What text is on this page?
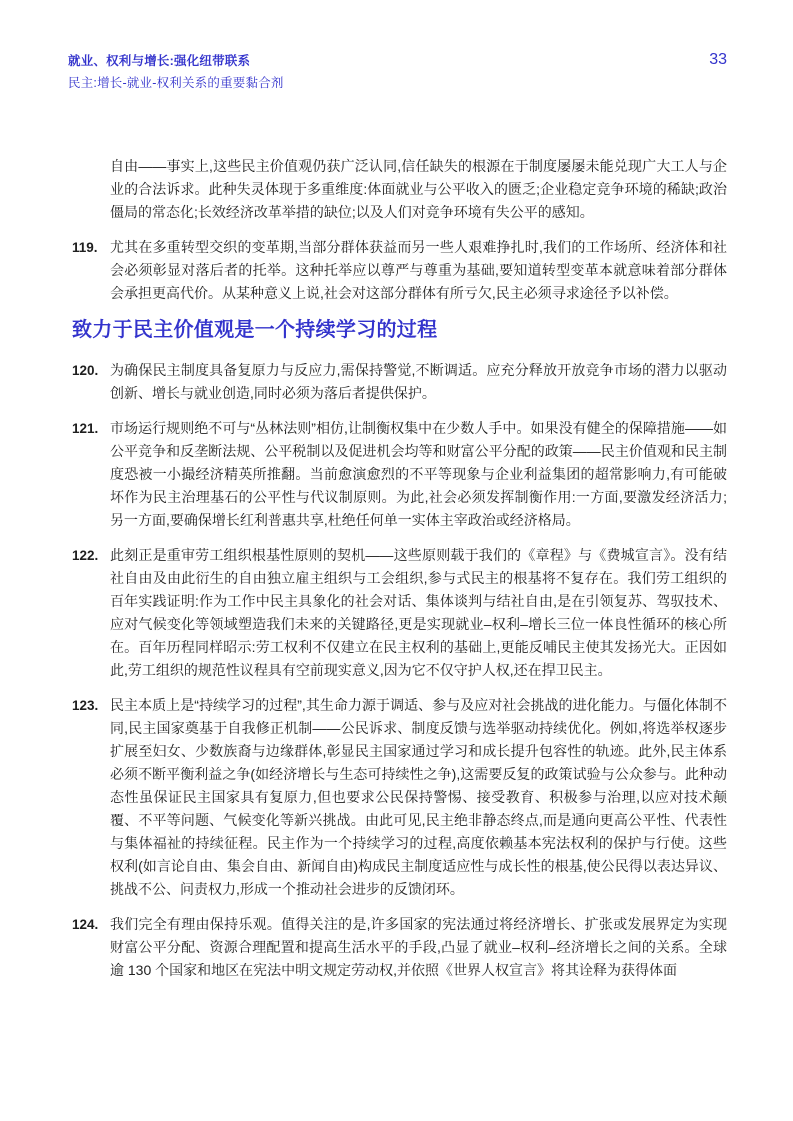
就业、权利与增长:强化纽带联系
民主:增长-就业-权利关系的重要黏合剂
33

自由——事实上,这些民主价值观仍获广泛认同,信任缺失的根源在于制度屡屡未能兑现广大工人与企业的合法诉求。此种失灵体现于多重维度:体面就业与公平收入的匮乏;企业稳定竞争环境的稀缺;政治僵局的常态化;长效经济改革举措的缺位;以及人们对竞争环境有失公平的感知。

119. 尤其在多重转型交织的变革期,当部分群体获益而另一些人艰难挣扎时,我们的工作场所、经济体和社会必须彰显对落后者的托举。这种托举应以尊严与尊重为基础,要知道转型变革本就意味着部分群体会承担更高代价。从某种意义上说,社会对这部分群体有所亏欠,民主必须寻求途径予以补偿。

致力于民主价值观是一个持续学习的过程
120. 为确保民主制度具备复原力与反应力,需保持警觉,不断调适。应充分释放开放竞争市场的潜力以驱动创新、增长与就业创造,同时必须为落后者提供保护。

121. 市场运行规则绝不可与“丛林法则”相仿,让制衡权集中在少数人手中。如果没有健全的保障措施——如公平竞争和反垄断法规、公平税制以及促进机会均等和财富公平分配的政策——民主价值观和民主制度恐被一小撮经济精英所推翻。当前愈演愈烈的不平等现象与企业利益集团的超常影响力,有可能破坏作为民主治理基石的公平性与代议制原则。为此,社会必须发挥制衡作用:一方面,要激发经济活力;另一方面,要确保增长红利普惠共享,杜绝任何单一实体主宰政治或经济格局。

122. 此刻正是重审劳工组织根基性原则的契机——这些原则载于我们的《章程》与《费城宣言》。没有结社自由及由此衍生的自由独立雇主组织与工会组织,参与式民主的根基将不复存在。我们劳工组织的百年实践证明:作为工作中民主具象化的社会对话、集体谈判与结社自由,是在引领复苏、驾驭技术、应对气候变化等领域塑造我们未来的关键路径,更是实现就业–权利–增长三位一体良性循环的核心所在。百年历程同样昭示:劳工权利不仅建立在民主权利的基础上,更能反哺民主使其发扬光大。正因如此,劳工组织的规范性议程具有空前现实意义,因为它不仅守护人权,还在捍卫民主。

123. 民主本质上是“持续学习的过程”,其生命力源于调适、参与及应对社会挑战的进化能力。与僵化体制不同,民主国家奠基于自我修正机制——公民诉求、制度反馈与选举驱动持续优化。例如,将选举权逐步扩展至妇女、少数族裔与边缘群体,彰显民主国家通过学习和成长提升包容性的轨迹。此外,民主体系必须不断平衡利益之争(如经济增长与生态可持续性之争),这需要反复的政策试验与公众参与。此种动态性虽保证民主国家具有复原力,但也要求公民保持警惕、接受教育、积极参与治理,以应对技术颠覆、不平等问题、气候变化等新兴挑战。由此可见,民主绝非静态终点,而是通向更高公平性、代表性与集体福祉的持续征程。民主作为一个持续学习的过程,高度依赖基本宪法权利的保护与行使。这些权利(如言论自由、集会自由、新闻自由)构成民主制度适应性与成长性的根基,使公民得以表达异议、挑战不公、问责权力,形成一个推动社会进步的反馈闭环。

124. 我们完全有理由保持乐观。值得关注的是,许多国家的宪法通过将经济增长、扩张或发展界定为实现财富公平分配、资源合理配置和提高生活水平的手段,凸显了就业–权利–经济增长之间的关系。全球逾 130 个国家和地区在宪法中明文规定劳动权,并依照《世界人权宣言》将其诠释为获得体面
